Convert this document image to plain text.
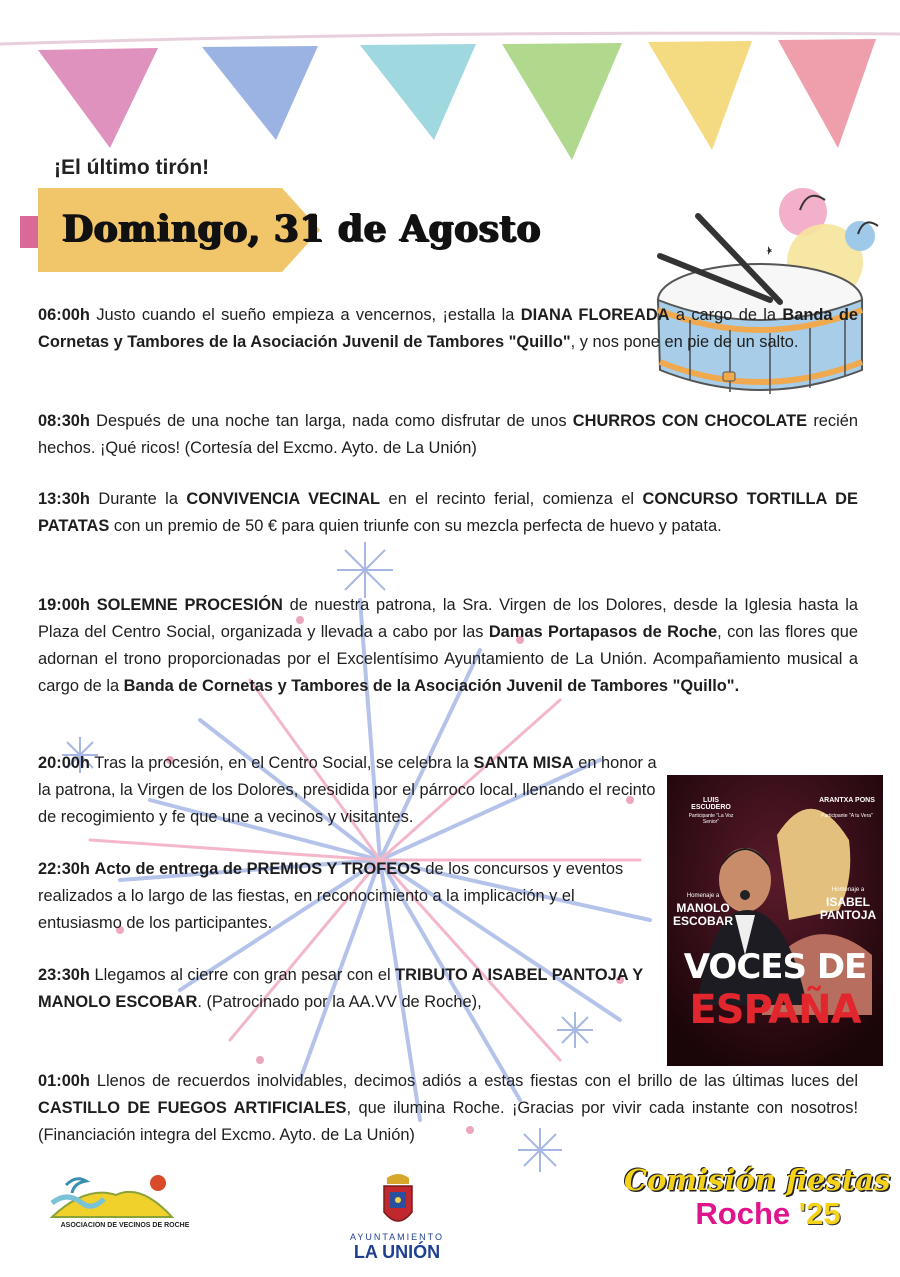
¡El último tirón!
Domingo, 31 de Agosto
06:00h Justo cuando el sueño empieza a vencernos, ¡estalla la DIANA FLOREADA a cargo de la Banda de Cornetas y Tambores de la Asociación Juvenil de Tambores "Quillo", y nos pone en pie de un salto.
08:30h Después de una noche tan larga, nada como disfrutar de unos CHURROS CON CHOCOLATE recién hechos. ¡Qué ricos! (Cortesía del Excmo. Ayto. de La Unión)
13:30h Durante la CONVIVENCIA VECINAL en el recinto ferial, comienza el CONCURSO TORTILLA DE PATATAS con un premio de 50 € para quien triunfe con su mezcla perfecta de huevo y patata.
19:00h SOLEMNE PROCESIÓN de nuestra patrona, la Sra. Virgen de los Dolores, desde la Iglesia hasta la Plaza del Centro Social, organizada y llevada a cabo por las Damas Portapasos de Roche, con las flores que adornan el trono proporcionadas por el Excelentísimo Ayuntamiento de La Unión. Acompañamiento musical a cargo de la Banda de Cornetas y Tambores de la Asociación Juvenil de Tambores "Quillo".
20:00h Tras la procesión, en el Centro Social, se celebra la SANTA MISA en honor a la patrona, la Virgen de los Dolores, presidida por el párroco local, llenando el recinto de recogimiento y fe que une a vecinos y visitantes.
22:30h Acto de entrega de PREMIOS Y TROFEOS de los concursos y eventos realizados a lo largo de las fiestas, en reconocimiento a la implicación y el entusiasmo de los participantes.
23:30h Llegamos al cierre con gran pesar con el TRIBUTO A ISABEL PANTOJA Y MANOLO ESCOBAR. (Patrocinado por la AA.VV de Roche),
01:00h Llenos de recuerdos inolvidables, decimos adiós a estas fiestas con el brillo de las últimas luces del CASTILLO DE FUEGOS ARTIFICIALES, que ilumina Roche. ¡Gracias por vivir cada instante con nosotros! (Financiación integra del Excmo. Ayto. de La Unión)
LUIS ESCUDERO
Participante "La Voz Senior"
ARANTXA PONS
Participante "A tu Vera"
Homenaje a
MANOLO ESCOBAR
Homenaje a
ISABEL PANTOJA
VOCES DE
ESPAÑA
ASOCIACION DE VECINOS DE ROCHE
AYUNTAMIENTO
LA UNIÓN
Comisión fiestas
Roche '25
